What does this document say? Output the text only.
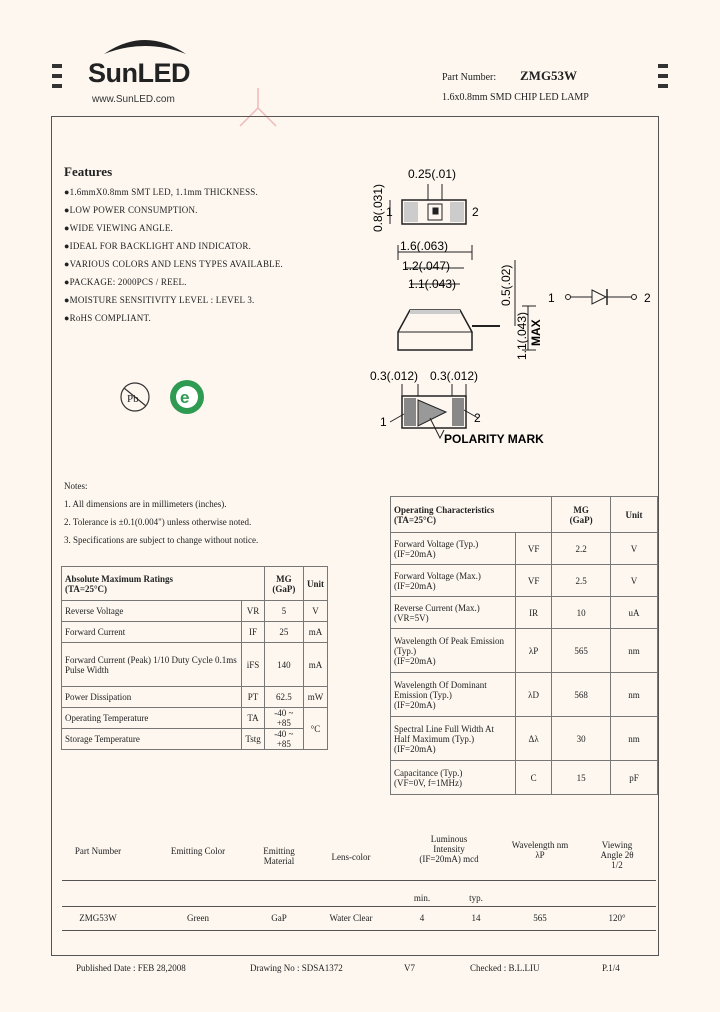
SunLED
www.SunLED.com
Part Number: ZMG53W
1.6x0.8mm SMD CHIP LED LAMP
Features
●1.6mmX0.8mm SMT LED, 1.1mm THICKNESS.
●LOW POWER CONSUMPTION.
●WIDE VIEWING ANGLE.
●IDEAL FOR BACKLIGHT AND INDICATOR.
●VARIOUS COLORS AND LENS TYPES AVAILABLE.
●PACKAGE: 2000PCS / REEL.
●MOISTURE SENSITIVITY LEVEL : LEVEL 3.
●RoHS COMPLIANT.
Pb e
0.25(.01)
0.8(.031) 1	2
1.6(.063)
1.2(.047)
1.1(.043)	0.5(.02)
1.1(.043) MAX
1	2
0.3(.012) 0.3(.012)
1	2
POLARITY MARK
Notes:
1. All dimensions are in millimeters (inches).
2. Tolerance is ±0.1(0.004") unless otherwise noted.
3. Specifications are subject to change without notice.
Absolute Maximum Ratings
(TA=25°C)		MG
(GaP)	Unit
Reverse Voltage	VR	5	V
Forward Current	IF	25	mA
Forward Current (Peak) 1/10 Duty Cycle 0.1ms Pulse Width	iFS	140	mA
Power Dissipation	PT	62.5	mW
Operating Temperature	TA	-40 ~ +85	°C
Storage Temperature	Tstg	-40 ~ +85	
Operating Characteristics
(TA=25°C)		MG
(GaP)	Unit
Forward Voltage (Typ.)
(IF=20mA)	VF	2.2	V
Forward Voltage (Max.)
(IF=20mA)	VF	2.5	V
Reverse Current (Max.)
(VR=5V)	IR	10	uA
Wavelength Of Peak Emission (Typ.)
(IF=20mA)	λP	565	nm
Wavelength Of Dominant Emission (Typ.)
(IF=20mA)	λD	568	nm
Spectral Line Full Width At Half Maximum (Typ.)
(IF=20mA)	Δλ	30	nm
Capacitance (Typ.)
(VF=0V, f=1MHz)	C	15	pF
Part Number	Emitting Color	Emitting Material	Lens-color
Luminous Intensity (IF=20mA) mcd
Wavelength nm λP
Viewing Angle 2θ 1/2
min.	typ.
ZMG53W	Green	GaP	Water Clear	4	14	565	120°
Published Date : FEB 28,2008	Drawing No : SDSA1372	V7	Checked : B.L.LIU	P.1/4
